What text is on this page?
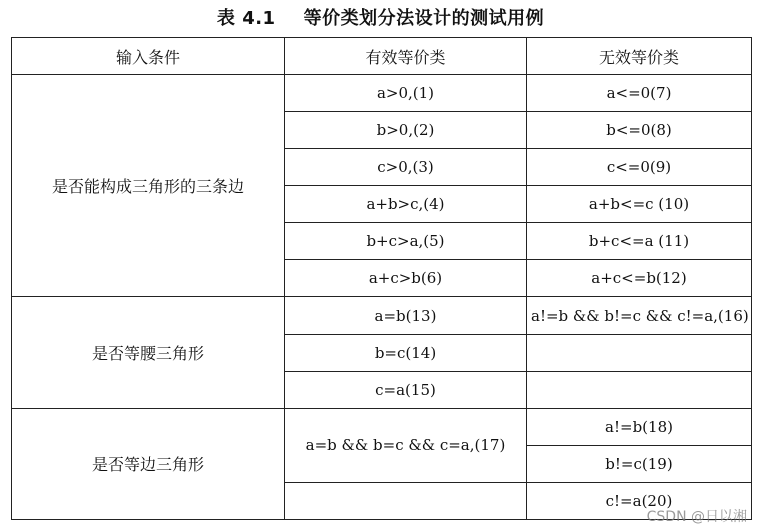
表 4.1 等价类划分法设计的测试用例
输入条件	有效等价类	无效等价类
是否能构成三角形的三条边	a>0,(1)	a<=0(7)
	b>0,(2)	b<=0(8)
	c>0,(3)	c<=0(9)
	a+b>c,(4)	a+b<=c (10)
	b+c>a,(5)	b+c<=a (11)
	a+c>b(6)	a+c<=b(12)
是否等腰三角形	a=b(13)	a!=b && b!=c && c!=a,(16)
	b=c(14)	
	c=a(15)	
是否等边三角形	a=b && b=c && c=a,(17)	a!=b(18)
		b!=c(19)
		c!=a(20)
CSDN @日以湘
